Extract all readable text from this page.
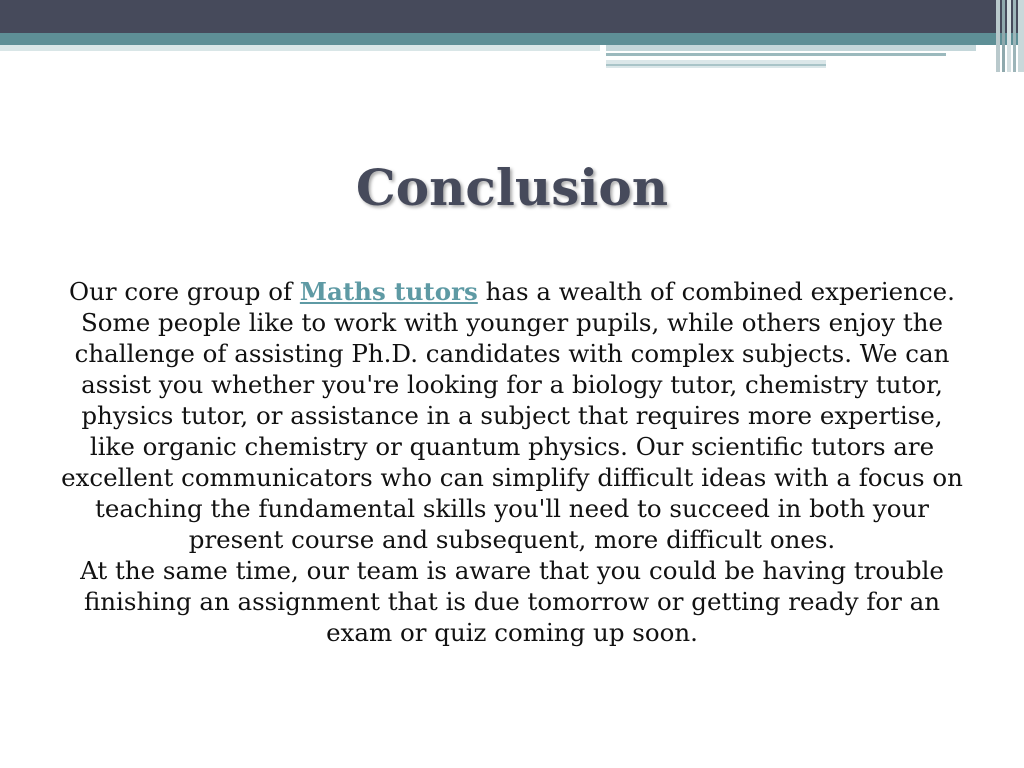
Conclusion

Our core group of Maths tutors has a wealth of combined experience. Some people like to work with younger pupils, while others enjoy the challenge of assisting Ph.D. candidates with complex subjects. We can assist you whether you're looking for a biology tutor, chemistry tutor, physics tutor, or assistance in a subject that requires more expertise, like organic chemistry or quantum physics. Our scientific tutors are excellent communicators who can simplify difficult ideas with a focus on teaching the fundamental skills you'll need to succeed in both your present course and subsequent, more difficult ones.

At the same time, our team is aware that you could be having trouble finishing an assignment that is due tomorrow or getting ready for an exam or quiz coming up soon.
